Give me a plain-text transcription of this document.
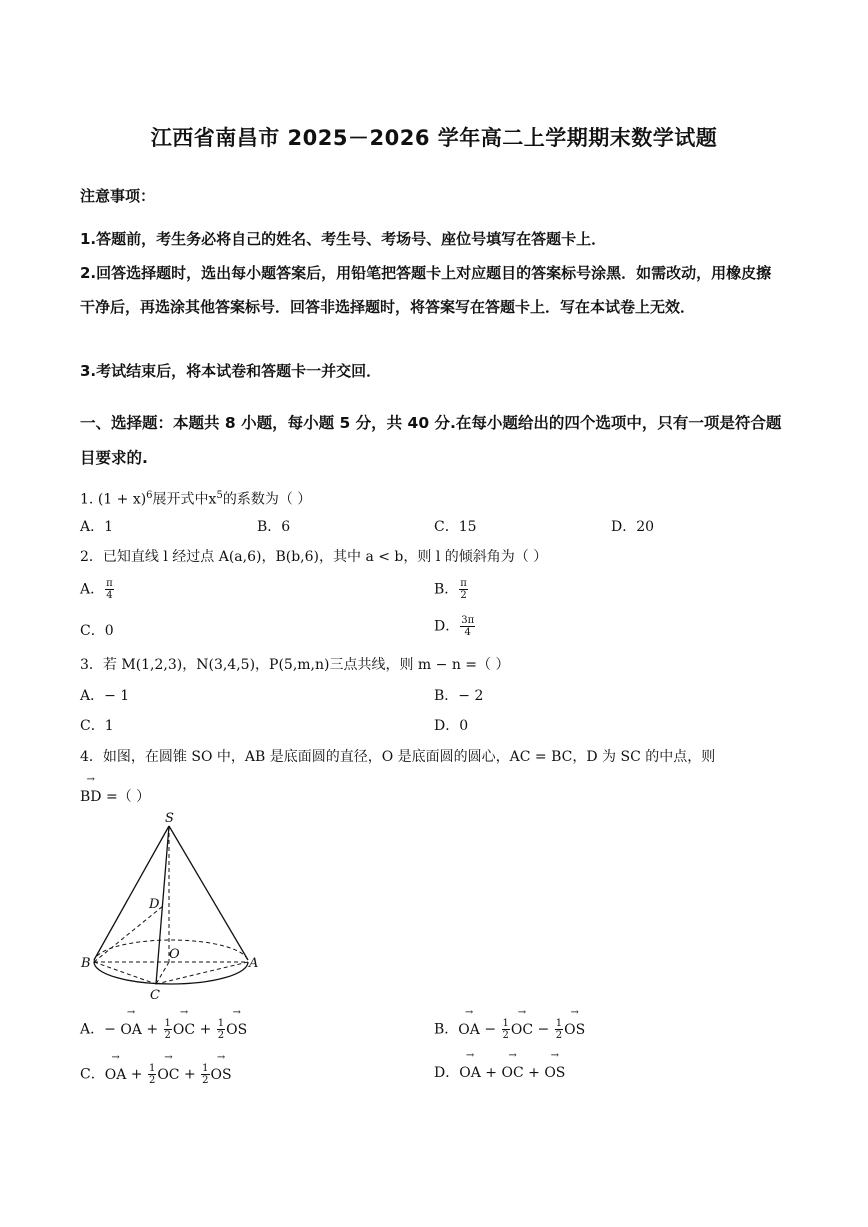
江西省南昌市 2025－2026 学年高二上学期期末数学试题
注意事项：
1.答题前，考生务必将自己的姓名、考生号、考场号、座位号填写在答题卡上．
2.回答选择题时，选出每小题答案后，用铅笔把答题卡上对应题目的答案标号涂黑．如需改动，用橡皮擦干净后，再选涂其他答案标号．回答非选择题时，将答案写在答题卡上．写在本试卷上无效．
3.考试结束后，将本试卷和答题卡一并交回．
一、选择题：本题共 8 小题，每小题 5 分，共 40 分.在每小题给出的四个选项中，只有一项是符合题目要求的.
1. $(1 + x)^6$展开式中$x^5$的系数为（ ）
A．1	B．6	C．15	D．20
2．已知直线 l 经过点 A(a,6)，B(b,6)，其中 a < b，则 l 的倾斜角为（ ）
A． $\frac{\pi}{4}$	B． $\frac{\pi}{2}$
C．0	D． $\frac{3\pi}{4}$
3．若 M(1,2,3)，N(3,4,5)，P(5,m,n)三点共线，则 m − n =（ ）
A．− 1	B．− 2
C．1	D．0
4．如图，在圆锥 SO 中，AB 是底面圆的直径，O 是底面圆的圆心，AC = BC，D 为 SC 的中点，则
→ BD =（ ）
S
D
O
B	A
C
A．− → OA + $\frac{1}{2}$ → OC + $\frac{1}{2}$ → OS	B．→ OA − $\frac{1}{2}$ → OC − $\frac{1}{2}$ → OS
C．→ OA + $\frac{1}{2}$ → OC + $\frac{1}{2}$ → OS	D．→ OA + → OC + → OS
